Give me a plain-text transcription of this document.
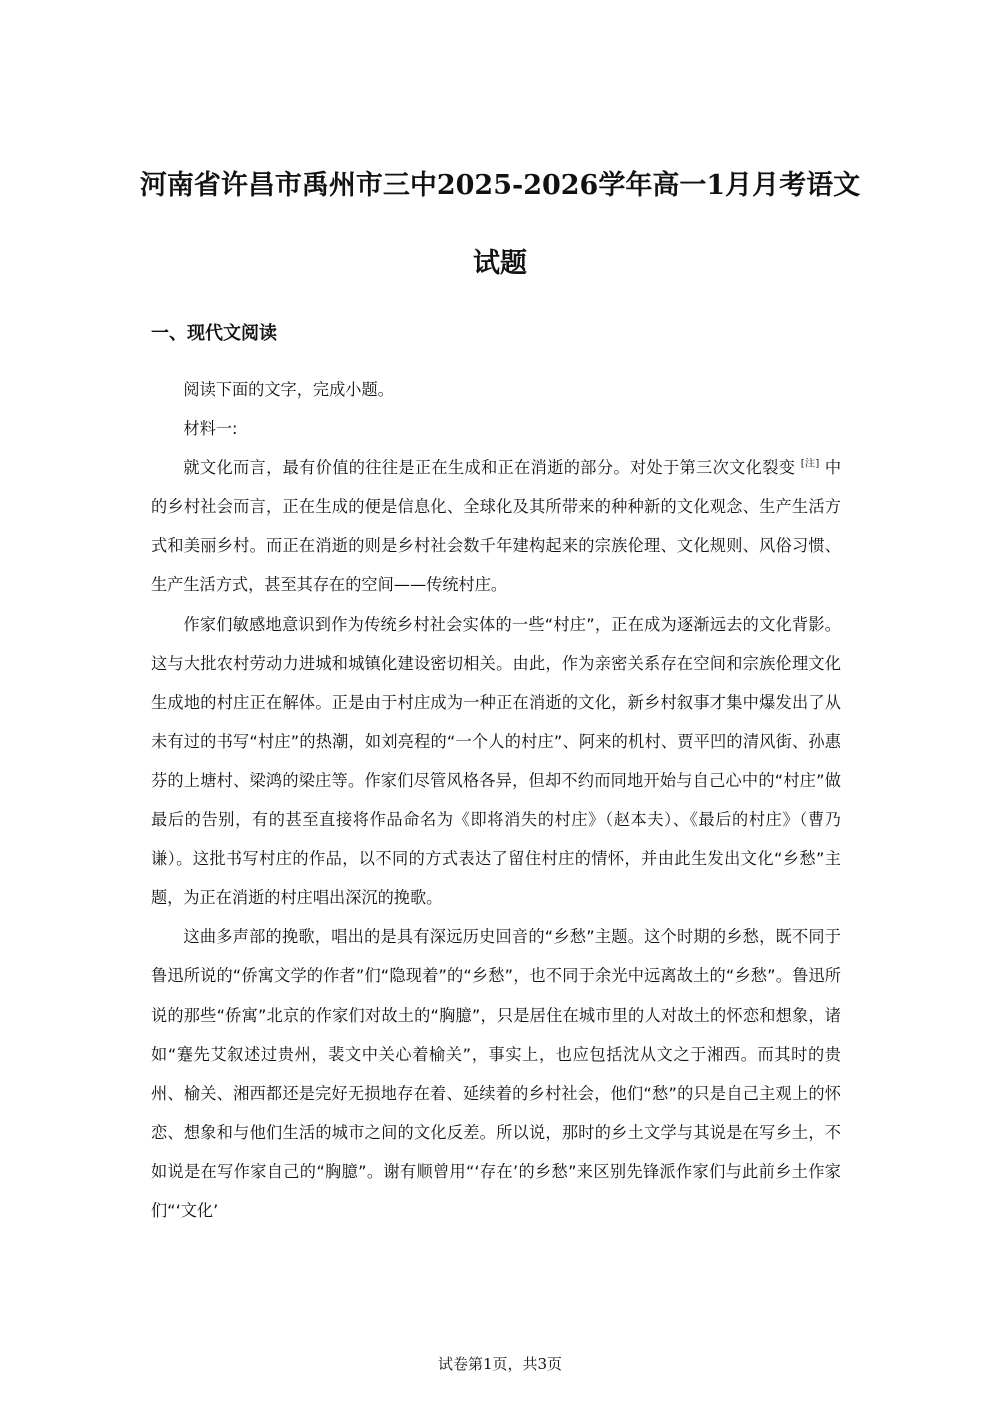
河南省许昌市禹州市三中2025-2026学年高一1月月考语文
试题
一、现代文阅读

阅读下面的文字，完成小题。

材料一:

就文化而言，最有价值的往往是正在生成和正在消逝的部分。对处于第三次文化裂变 [注] 中的乡村社会而言，正在生成的便是信息化、全球化及其所带来的种种新的文化观念、生产生活方式和美丽乡村。而正在消逝的则是乡村社会数千年建构起来的宗族伦理、文化规则、风俗习惯、生产生活方式，甚至其存在的空间——传统村庄。

作家们敏感地意识到作为传统乡村社会实体的一些“村庄”，正在成为逐渐远去的文化背影。这与大批农村劳动力进城和城镇化建设密切相关。由此，作为亲密关系存在空间和宗族伦理文化生成地的村庄正在解体。正是由于村庄成为一种正在消逝的文化，新乡村叙事才集中爆发出了从未有过的书写“村庄”的热潮，如刘亮程的“一个人的村庄”、阿来的机村、贾平凹的清风街、孙惠芬的上塘村、梁鸿的梁庄等。作家们尽管风格各异，但却不约而同地开始与自己心中的“村庄”做最后的告别，有的甚至直接将作品命名为《即将消失的村庄》（赵本夫）、《最后的村庄》（曹乃谦）。这批书写村庄的作品，以不同的方式表达了留住村庄的情怀，并由此生发出文化“乡愁”主题，为正在消逝的村庄唱出深沉的挽歌。

这曲多声部的挽歌，唱出的是具有深远历史回音的“乡愁”主题。这个时期的乡愁，既不同于鲁迅所说的“侨寓文学的作者”们“隐现着”的“乡愁”，也不同于余光中远离故土的“乡愁”。鲁迅所说的那些“侨寓”北京的作家们对故土的“胸臆”，只是居住在城市里的人对故土的怀恋和想象，诸如“蹇先艾叙述过贵州，裴文中关心着榆关”，事实上，也应包括沈从文之于湘西。而其时的贵州、榆关、湘西都还是完好无损地存在着、延续着的乡村社会，他们“愁”的只是自己主观上的怀恋、想象和与他们生活的城市之间的文化反差。所以说，那时的乡土文学与其说是在写乡土，不如说是在写作家自己的“胸臆”。谢有顺曾用“‘存在’的乡愁”来区别先锋派作家们与此前乡土作家们“‘文化’

试卷第1页，共3页
